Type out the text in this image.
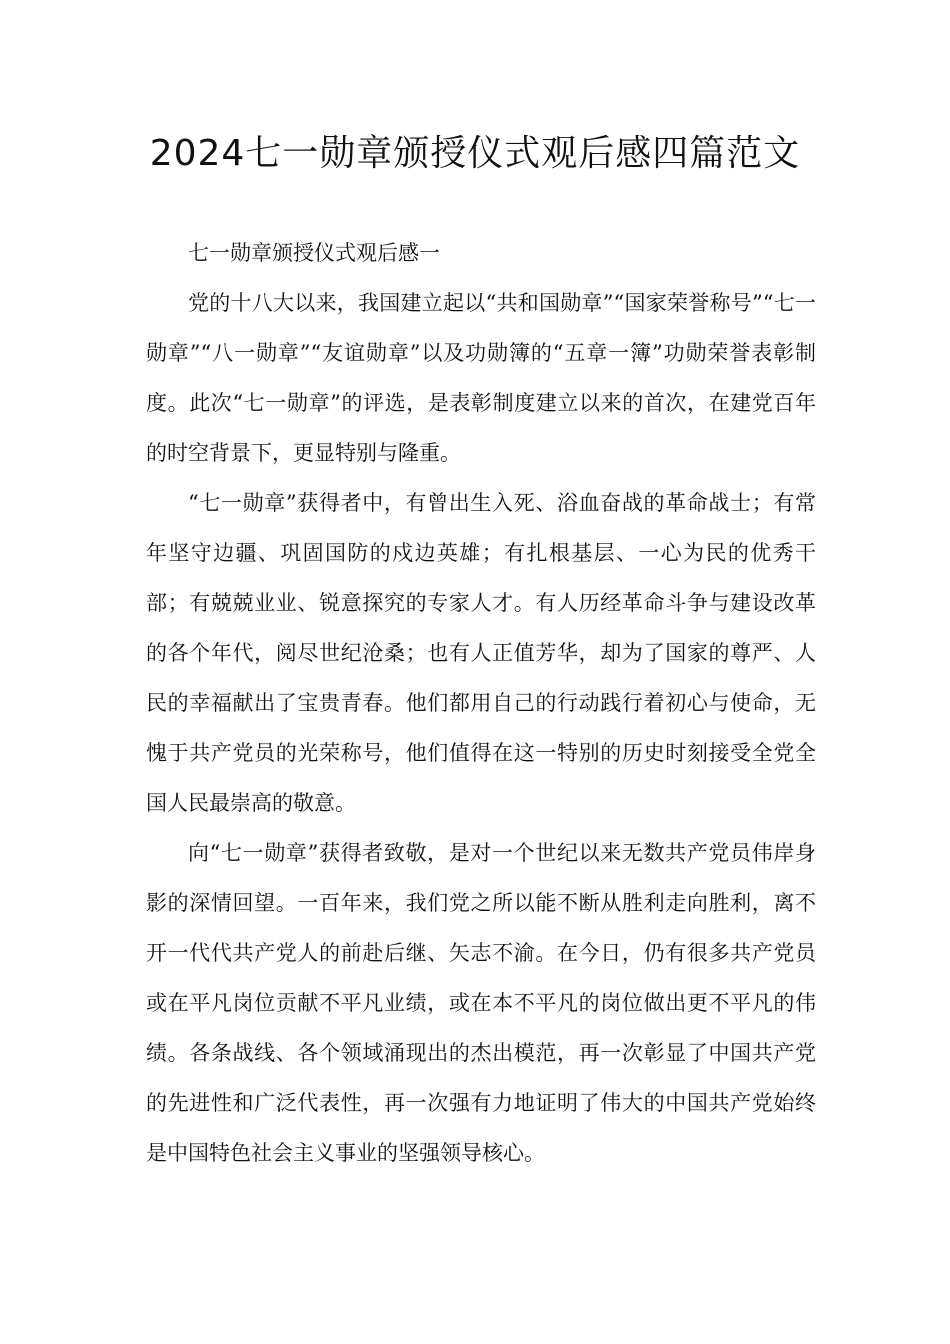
2024七一勋章颁授仪式观后感四篇范文

七一勋章颁授仪式观后感一

党的十八大以来，我国建立起以“共和国勋章”“国家荣誉称号”“七一勋章”“八一勋章”“友谊勋章”以及功勋簿的“五章一簿”功勋荣誉表彰制度。此次“七一勋章”的评选，是表彰制度建立以来的首次，在建党百年的时空背景下，更显特别与隆重。

“七一勋章”获得者中，有曾出生入死、浴血奋战的革命战士；有常年坚守边疆、巩固国防的戍边英雄；有扎根基层、一心为民的优秀干部；有兢兢业业、锐意探究的专家人才。有人历经革命斗争与建设改革的各个年代，阅尽世纪沧桑；也有人正值芳华，却为了国家的尊严、人民的幸福献出了宝贵青春。他们都用自己的行动践行着初心与使命，无愧于共产党员的光荣称号，他们值得在这一特别的历史时刻接受全党全国人民最崇高的敬意。

向“七一勋章”获得者致敬，是对一个世纪以来无数共产党员伟岸身影的深情回望。一百年来，我们党之所以能不断从胜利走向胜利，离不开一代代共产党人的前赴后继、矢志不渝。在今日，仍有很多共产党员或在平凡岗位贡献不平凡业绩，或在本不平凡的岗位做出更不平凡的伟绩。各条战线、各个领域涌现出的杰出模范，再一次彰显了中国共产党的先进性和广泛代表性，再一次强有力地证明了伟大的中国共产党始终是中国特色社会主义事业的坚强领导核心。
